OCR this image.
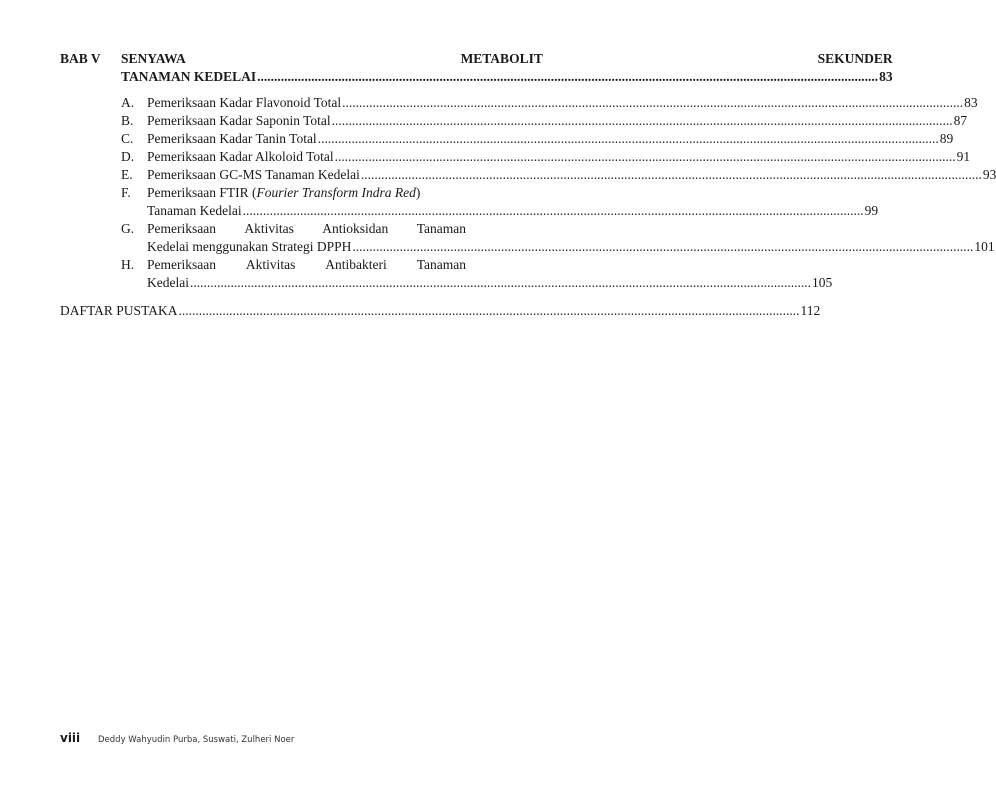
BAB V	SENYAWA	METABOLIT	SEKUNDER
TANAMAN KEDELAI .....	83
A. Pemeriksaan Kadar Flavonoid Total .....	83
B.	Pemeriksaan Kadar Saponin Total .....	87
C.	Pemeriksaan Kadar Tanin Total .....	89
D. Pemeriksaan Kadar Alkoloid Total .....	91
E.	Pemeriksaan GC-MS Tanaman Kedelai .....	93
F.	Pemeriksaan FTIR (Fourier Transform Indra Red)
Tanaman Kedelai .....	99
G. Pemeriksaan Aktivitas Antioksidan Tanaman
Kedelai menggunakan Strategi DPPH .....	101
H. Pemeriksaan Aktivitas Antibakteri Tanaman
Kedelai .....	105
DAFTAR PUSTAKA .....	112
viii	Deddy Wahyudin Purba, Suswati, Zulheri Noer
